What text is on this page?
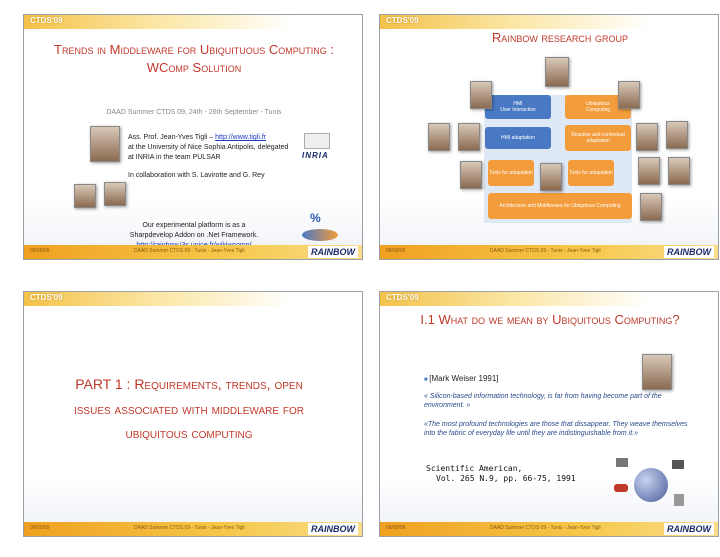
CTDS'09
Trends in Middleware for Ubiquituous Computing : WComp Solution
DAAD Summer CTDS 09, 24th - 26th September - Tunis
Ass. Prof. Jean-Yves Tigli – http://www.tigli.fr
at the University of Nice Sophia Antipolis, delegated
at INRIA in the team PULSAR	INRIA
In collaboration with S. Lavirotte and G. Rey
Our experimental platform is as a
Sharpdevelop Addon on .Net Framework.

%
08/09/09	DAAD Summer CTDS 09 - Tunis - Jean-Yves Tigli	RAINBOW
CTDS'09
Rainbow research group
HMI
User Interaction
Ubiquitous
Computing
HMI adaptation	Reactive and contextual adaptation
Tools for adaptation	Tools for adaptation
Architecture and Middleware for Ubiquitous Computing
08/09/09	DAAD Summer CTDS 09 - Tunis - Jean-Yves Tigli	RAINBOW
CTDS'09
PART 1 : Requirements, trends, open issues associated with middleware for ubiquitous computing
08/09/09	DAAD Summer CTDS 09 - Tunis - Jean-Yves Tigli	RAINBOW
CTDS'09
I.1 What do we mean by Ubiquitous Computing?
■ [Mark Weiser 1991]
« Silicon-based information technology, is far from having become part of the environment. »
«The most profound technologies are those that dissappear. They weave themselves into the fabric of everyday life until they are indistinguishable from it.»
Scientific American,
Vol. 265 N.9, pp. 66-75, 1991
08/09/09	DAAD Summer CTDS 09 - Tunis - Jean-Yves Tigli	RAINBOW
